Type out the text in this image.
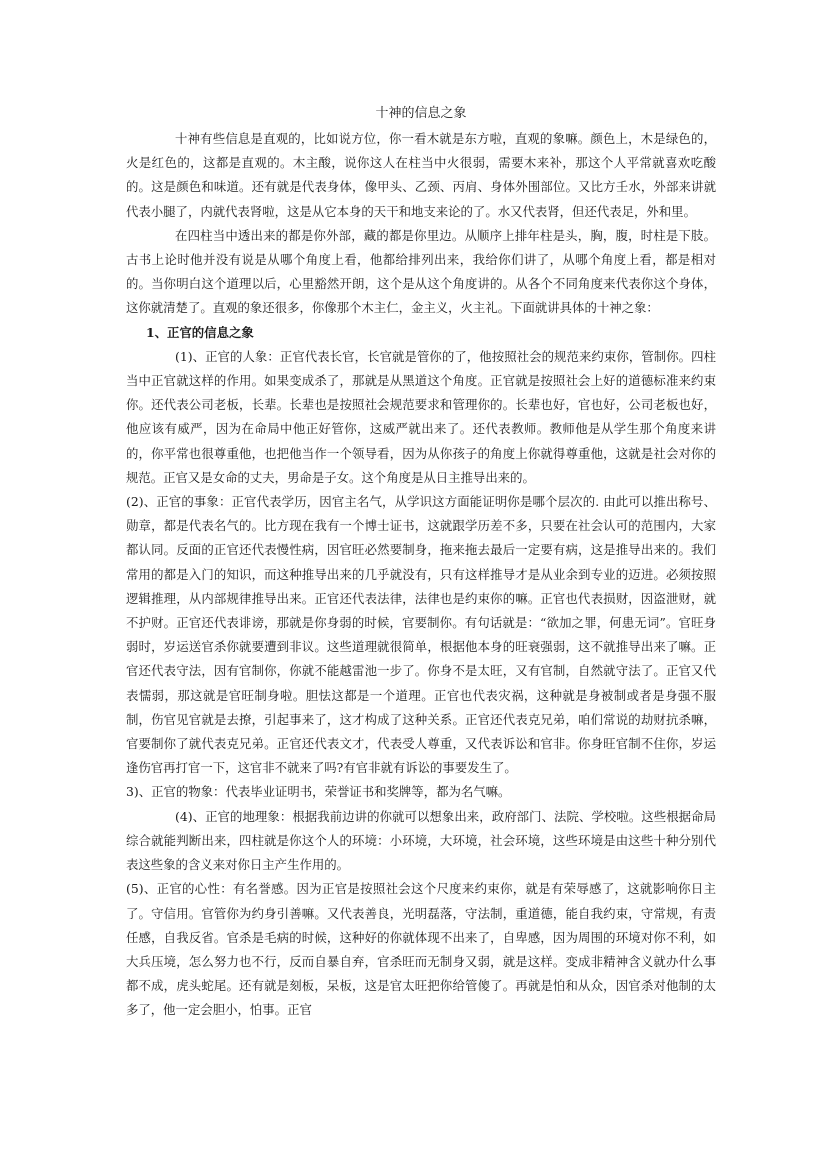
十神的信息之象

十神有些信息是直观的，比如说方位，你一看木就是东方啦，直观的象嘛。颜色上，木是绿色的，火是红色的，这都是直观的。木主酸，说你这人在柱当中火很弱，需要木来补，那这个人平常就喜欢吃酸的。这是颜色和味道。还有就是代表身体，像甲头、乙颈、丙肩、身体外围部位。又比方壬水，外部来讲就代表小腿了，内就代表肾啦，这是从它本身的天干和地支来论的了。水又代表肾，但还代表足，外和里。

在四柱当中透出来的都是你外部，藏的都是你里边。从顺序上排年柱是头，胸，腹，时柱是下肢。古书上论时他并没有说是从哪个角度上看，他都给排列出来，我给你们讲了，从哪个角度上看，都是相对的。当你明白这个道理以后，心里豁然开朗，这个是从这个角度讲的。从各个不同角度来代表你这个身体，这你就清楚了。直观的象还很多，你像那个木主仁，金主义，火主礼。下面就讲具体的十神之象：

1、正官的信息之象

(1)、正官的人象：正官代表长官，长官就是管你的了，他按照社会的规范来约束你，管制你。四柱当中正官就这样的作用。如果变成杀了，那就是从黑道这个角度。正官就是按照社会上好的道德标准来约束你。还代表公司老板，长辈。长辈也是按照社会规范要求和管理你的。长辈也好，官也好，公司老板也好，他应该有威严，因为在命局中他正好管你，这威严就出来了。还代表教师。教师他是从学生那个角度来讲的，你平常也很尊重他，也把他当作一个领导看，因为从你孩子的角度上你就得尊重他，这就是社会对你的规范。正官又是女命的丈夫，男命是子女。这个角度是从日主推导出来的。

(2)、正官的事象：正官代表学历，因官主名气，从学识这方面能证明你是哪个层次的. 由此可以推出称号、勋章，都是代表名气的。比方现在我有一个博士证书，这就跟学历差不多，只要在社会认可的范围内，大家都认同。反面的正官还代表慢性病，因官旺必然要制身，拖来拖去最后一定要有病，这是推导出来的。我们常用的都是入门的知识，而这种推导出来的几乎就没有，只有这样推导才是从业余到专业的迈进。必须按照逻辑推理，从内部规律推导出来。正官还代表法律，法律也是约束你的嘛。正官也代表损财，因盗泄财，就不护财。正官还代表诽谤，那就是你身弱的时候，官要制你。有句话就是：“欲加之罪，何患无词”。官旺身弱时，岁运送官杀你就要遭到非议。这些道理就很简单，根据他本身的旺衰强弱，这不就推导出来了嘛。正官还代表守法，因有官制你，你就不能越雷池一步了。你身不是太旺，又有官制，自然就守法了。正官又代表懦弱，那这就是官旺制身啦。胆怯这都是一个道理。正官也代表灾祸，这种就是身被制或者是身强不服制，伤官见官就是去撩，引起事来了，这才构成了这种关系。正官还代表克兄弟，咱们常说的劫财抗杀嘛，官要制你了就代表克兄弟。正官还代表文才，代表受人尊重，又代表诉讼和官非。你身旺官制不住你，岁运逢伤官再打官一下，这官非不就来了吗?有官非就有诉讼的事要发生了。

3)、正官的物象：代表毕业证明书，荣誉证书和奖牌等，都为名气嘛。

(4)、正官的地理象：根据我前边讲的你就可以想象出来，政府部门、法院、学校啦。这些根据命局综合就能判断出来，四柱就是你这个人的环境：小环境，大环境，社会环境，这些环境是由这些十种分别代表这些象的含义来对你日主产生作用的。

(5)、正官的心性：有名誉感。因为正官是按照社会这个尺度来约束你，就是有荣辱感了，这就影响你日主了。守信用。官管你为约身引善嘛。又代表善良，光明磊落，守法制，重道德，能自我约束，守常规，有责任感，自我反省。官杀是毛病的时候，这种好的你就体现不出来了，自卑感，因为周围的环境对你不利，如大兵压境，怎么努力也不行，反而自暴自弃，官杀旺而无制身又弱，就是这样。变成非精神含义就办什么事都不成，虎头蛇尾。还有就是刻板，呆板，这是官太旺把你给管傻了。再就是怕和从众，因官杀对他制的太多了，他一定会胆小，怕事。正官
